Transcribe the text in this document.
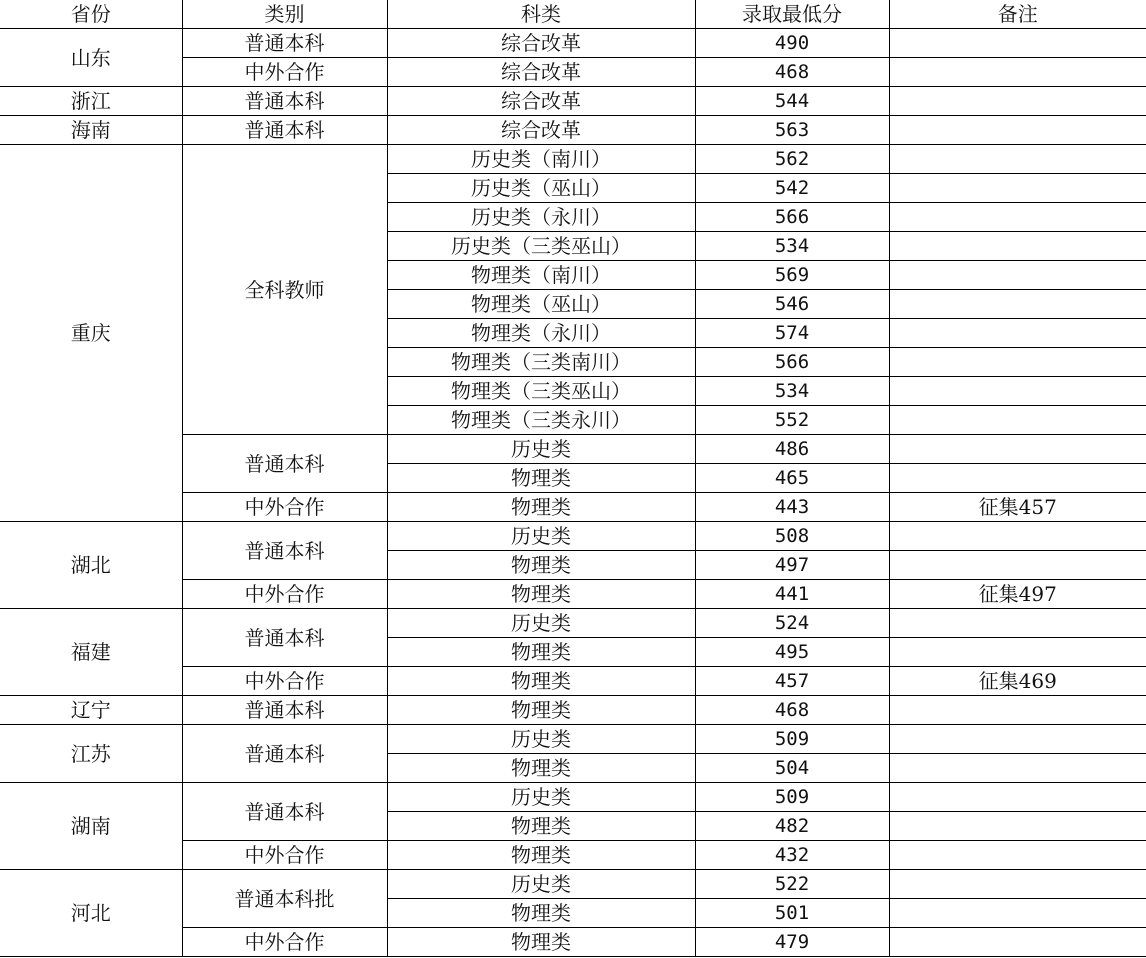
省份	类别	科类	录取最低分	备注
山东	普通本科	综合改革	490	
	中外合作	综合改革	468	
浙江	普通本科	综合改革	544	
海南	普通本科	综合改革	563	
重庆	全科教师	历史类（南川）	562	
		历史类（巫山）	542	
		历史类（永川）	566	
		历史类（三类巫山）	534	
		物理类（南川）	569	
		物理类（巫山）	546	
		物理类（永川）	574	
		物理类（三类南川）	566	
		物理类（三类巫山）	534	
		物理类（三类永川）	552	
	普通本科	历史类	486	
		物理类	465	
	中外合作	物理类	443	征集457
湖北	普通本科	历史类	508	
		物理类	497	
	中外合作	物理类	441	征集497
福建	普通本科	历史类	524	
		物理类	495	
	中外合作	物理类	457	征集469
辽宁	普通本科	物理类	468	
江苏	普通本科	历史类	509	
		物理类	504	
湖南	普通本科	历史类	509	
		物理类	482	
	中外合作	物理类	432	
河北	普通本科批	历史类	522	
		物理类	501	
	中外合作	物理类	479	
